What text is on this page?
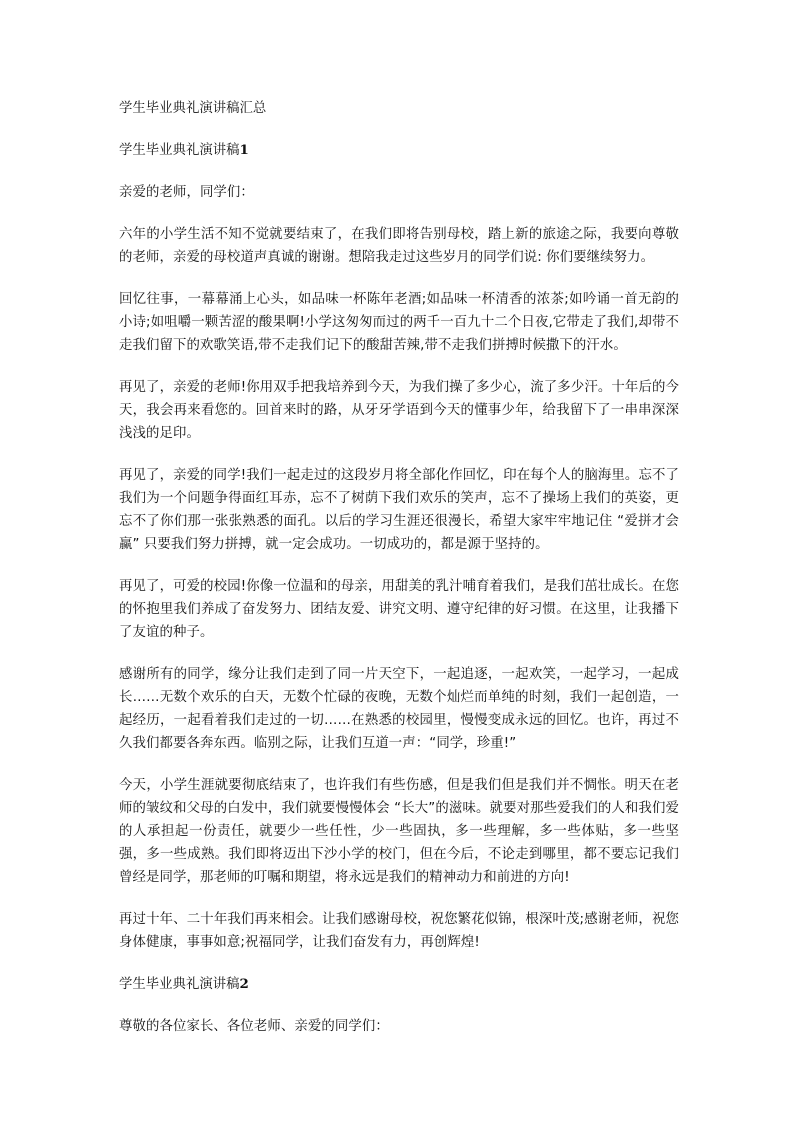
学生毕业典礼演讲稿汇总

学生毕业典礼演讲稿1

亲爱的老师，同学们：

六年的小学生活不知不觉就要结束了，在我们即将告别母校，踏上新的旅途之际，我要向尊敬的老师，亲爱的母校道声真诚的谢谢。想陪我走过这些岁月的同学们说: 你们要继续努力。

回忆往事，一幕幕涌上心头，如品味一杯陈年老酒;如品味一杯清香的浓茶;如吟诵一首无韵的小诗;如咀嚼一颗苦涩的酸果啊!小学这匆匆而过的两千一百九十二个日夜,它带走了我们,却带不走我们留下的欢歌笑语,带不走我们记下的酸甜苦辣,带不走我们拼搏时候撒下的汗水。

再见了，亲爱的老师!你用双手把我培养到今天，为我们操了多少心，流了多少汗。十年后的今天，我会再来看您的。回首来时的路，从牙牙学语到今天的懂事少年，给我留下了一串串深深浅浅的足印。

再见了，亲爱的同学!我们一起走过的这段岁月将全部化作回忆，印在每个人的脑海里。忘不了我们为一个问题争得面红耳赤，忘不了树荫下我们欢乐的笑声，忘不了操场上我们的英姿，更忘不了你们那一张张熟悉的面孔。以后的学习生涯还很漫长，希望大家牢牢地记住 “爱拼才会赢” 只要我们努力拼搏，就一定会成功。一切成功的，都是源于坚持的。

再见了，可爱的校园!你像一位温和的母亲，用甜美的乳汁哺育着我们，是我们茁壮成长。在您的怀抱里我们养成了奋发努力、团结友爱、讲究文明、遵守纪律的好习惯。在这里，让我播下了友谊的种子。

感谢所有的同学，缘分让我们走到了同一片天空下，一起追逐，一起欢笑，一起学习，一起成长……无数个欢乐的白天，无数个忙碌的夜晚，无数个灿烂而单纯的时刻，我们一起创造，一起经历，一起看着我们走过的一切……在熟悉的校园里，慢慢变成永远的回忆。也许，再过不久我们都要各奔东西。临别之际，让我们互道一声：“同学，珍重!”

今天，小学生涯就要彻底结束了，也许我们有些伤感，但是我们但是我们并不惆怅。明天在老师的皱纹和父母的白发中，我们就要慢慢体会 “长大”的滋味。就要对那些爱我们的人和我们爱的人承担起一份责任，就要少一些任性，少一些固执，多一些理解，多一些体贴，多一些坚强，多一些成熟。我们即将迈出下沙小学的校门，但在今后，不论走到哪里，都不要忘记我们曾经是同学，那老师的叮嘱和期望，将永远是我们的精神动力和前进的方向!

再过十年、二十年我们再来相会。让我们感谢母校，祝您繁花似锦，根深叶茂;感谢老师，祝您身体健康，事事如意;祝福同学，让我们奋发有力，再创辉煌!

学生毕业典礼演讲稿2

尊敬的各位家长、各位老师、亲爱的同学们：
